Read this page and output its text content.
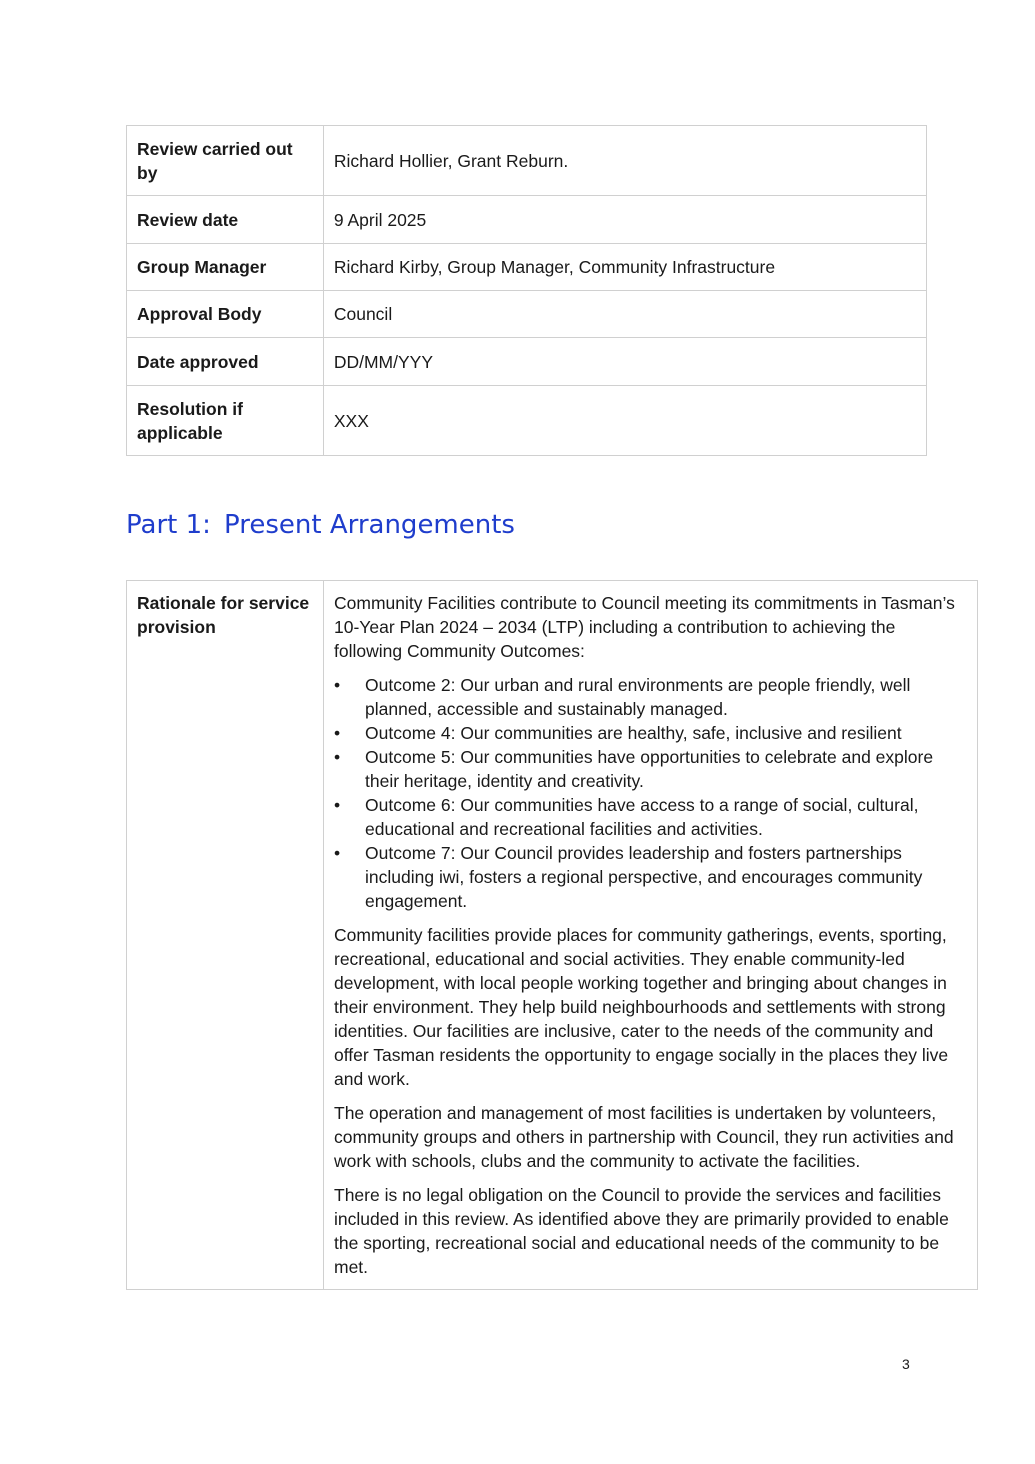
Review carried out by	Richard Hollier, Grant Reburn.
Review date	9 April 2025
Group Manager	Richard Kirby, Group Manager, Community Infrastructure
Approval Body	Council
Date approved	DD/MM/YYY
Resolution if applicable	XXX
Part 1: Present Arrangements
Rationale for service provision	

Community Facilities contribute to Council meeting its commitments in Tasman’s 10-Year Plan 2024 – 2034 (LTP) including a contribution to achieving the following Community Outcomes:

• Outcome 2: Our urban and rural environments are people friendly, well planned, accessible and sustainably managed.
• Outcome 4: Our communities are healthy, safe, inclusive and resilient
• Outcome 5: Our communities have opportunities to celebrate and explore their heritage, identity and creativity.
• Outcome 6: Our communities have access to a range of social, cultural, educational and recreational facilities and activities.
• Outcome 7: Our Council provides leadership and fosters partnerships including iwi, fosters a regional perspective, and encourages community engagement.

Community facilities provide places for community gatherings, events, sporting, recreational, educational and social activities. They enable community-led development, with local people working together and bringing about changes in their environment. They help build neighbourhoods and settlements with strong identities. Our facilities are inclusive, cater to the needs of the community and offer Tasman residents the opportunity to engage socially in the places they live and work.

The operation and management of most facilities is undertaken by volunteers, community groups and others in partnership with Council, they run activities and work with schools, clubs and the community to activate the facilities.

There is no legal obligation on the Council to provide the services and facilities included in this review. As identified above they are primarily provided to enable the sporting, recreational social and educational needs of the community to be met.

3
